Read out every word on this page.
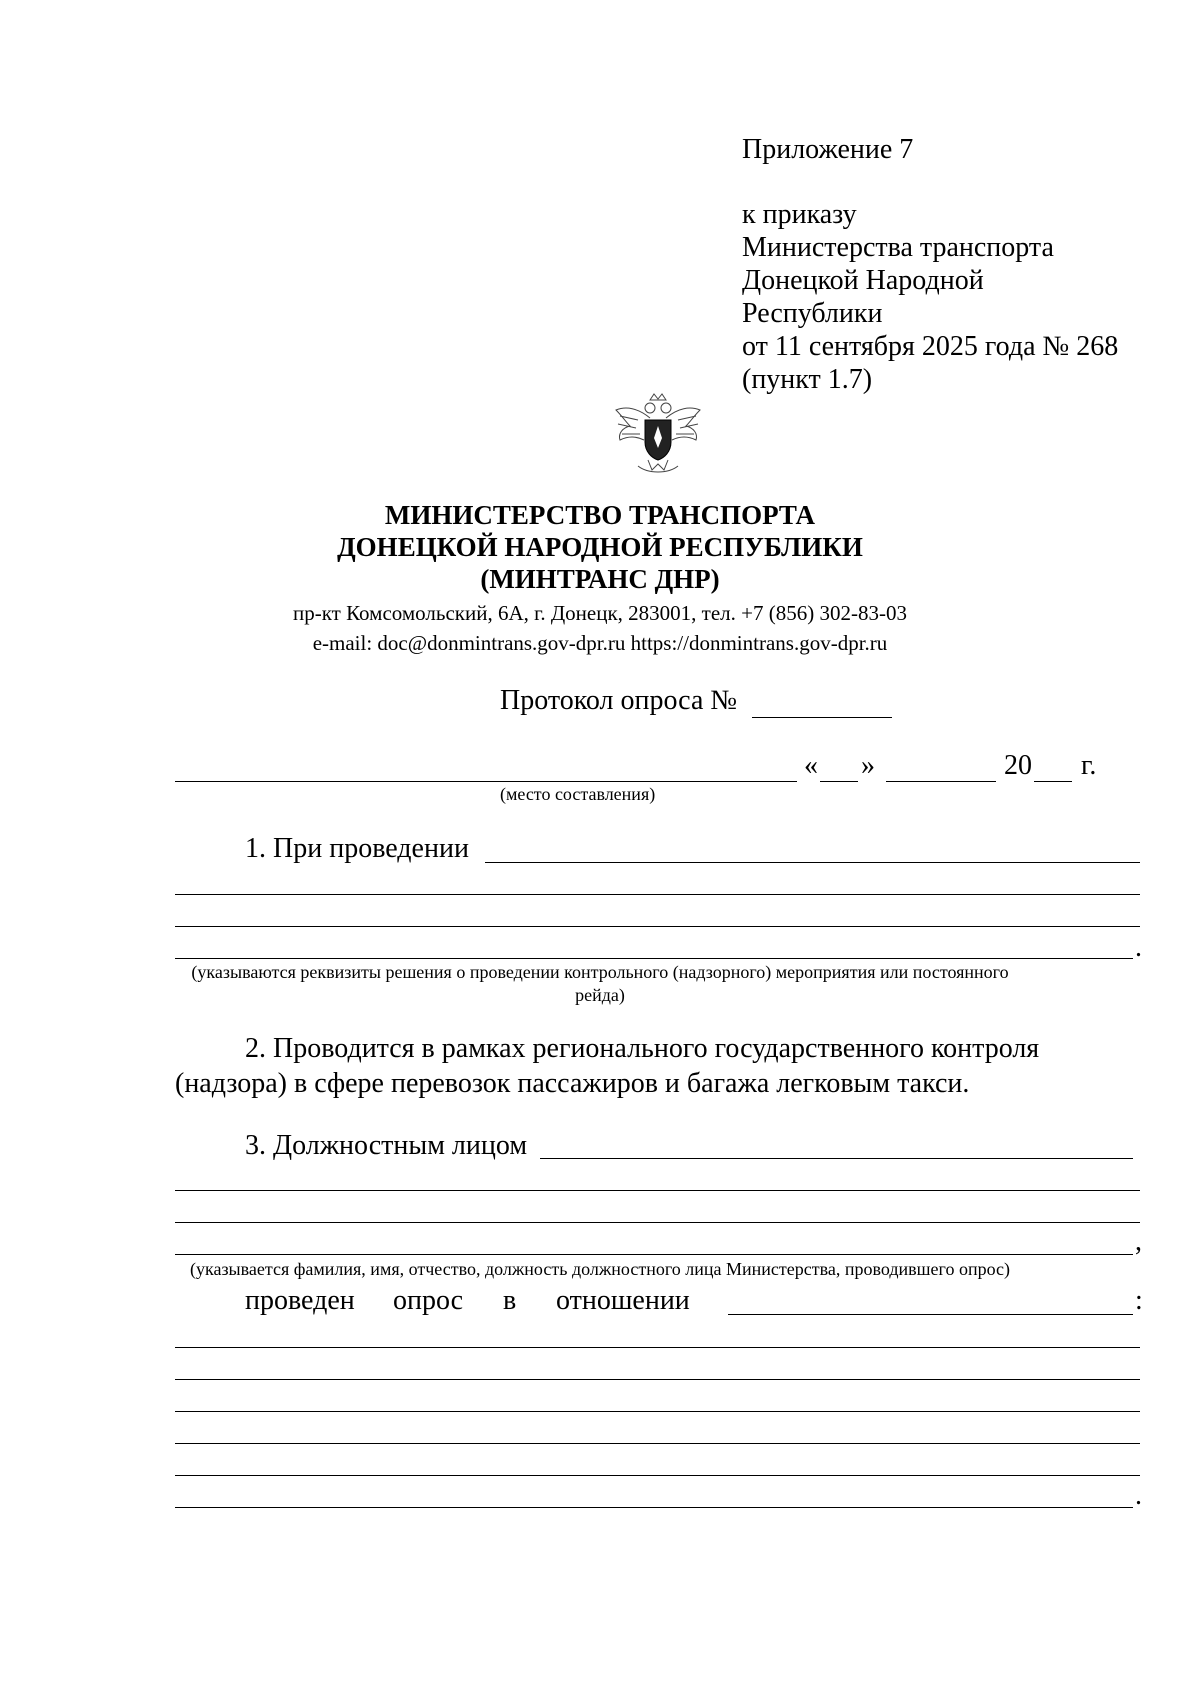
Приложение 7
к приказу
Министерства транспорта
Донецкой Народной
Республики
от 11 сентября 2025 года № 268
(пункт 1.7)
МИНИСТЕРСТВО ТРАНСПОРТА
ДОНЕЦКОЙ НАРОДНОЙ РЕСПУБЛИКИ
(МИНТРАНС ДНР)
пр-кт Комсомольский, 6А, г. Донецк, 283001, тел. +7 (856) 302-83-03
e-mail: doc@donmintrans.gov-dpr.ru https://donmintrans.gov-dpr.ru
Протокол опроса №
« »	20 г.
(место составления)
1. При проведении
.
(указываются реквизиты решения о проведении контрольного (надзорного) мероприятия или постоянного
рейда)
2. Проводится в рамках регионального государственного контроля
(надзора) в сфере перевозок пассажиров и багажа легковым такси.
3. Должностным лицом
,
(указывается фамилия, имя, отчество, должность должностного лица Министерства, проводившего опрос)
проведен опрос в отношении	:
.
